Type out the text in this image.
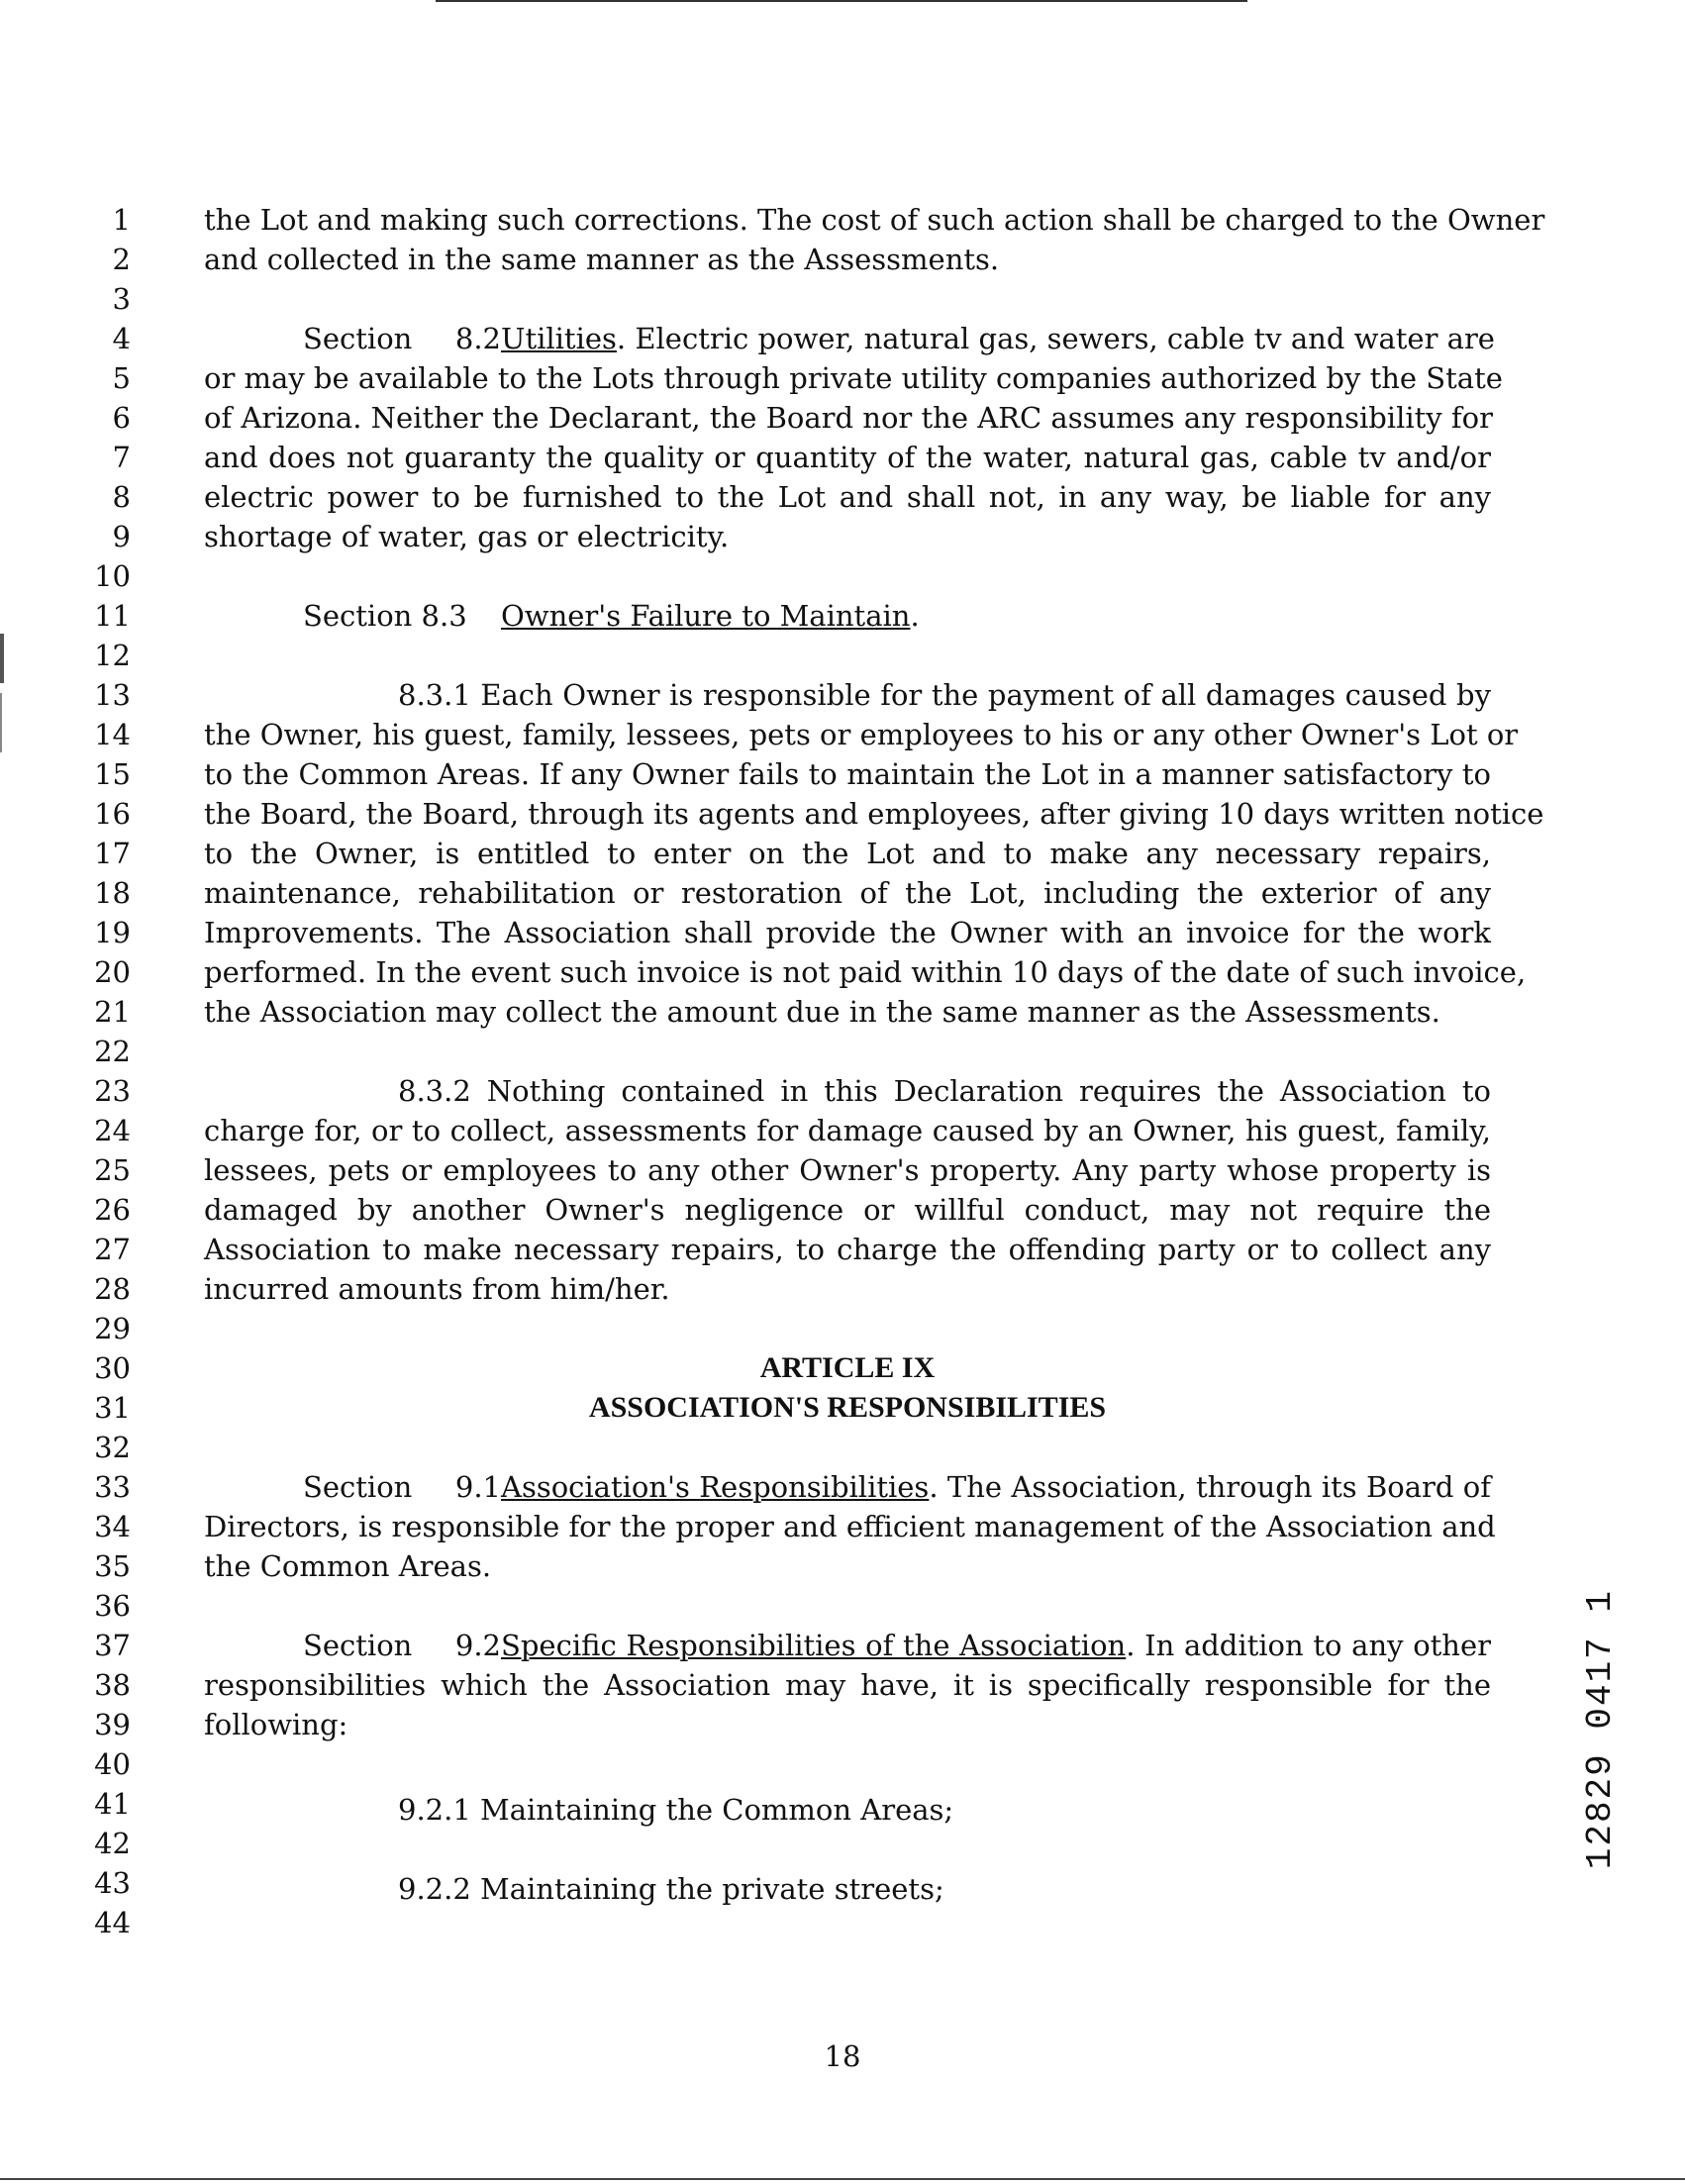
1
2
3
4
5
6
7
8
9
10
11
12
13
14
15
16
17
18
19
20
21
22
23
24
25
26
27
28
29
30
31
32
33
34
35
36
37
38
39
40
41
42
43
44
the Lot and making such corrections. The cost of such action shall be charged to the Owner
and collected in the same manner as the Assessments.
Section 8.2Utilities. Electric power, natural gas, sewers, cable tv and water are
or may be available to the Lots through private utility companies authorized by the State
of Arizona. Neither the Declarant, the Board nor the ARC assumes any responsibility for
and does not guaranty the quality or quantity of the water, natural gas, cable tv and/or
electric power to be furnished to the Lot and shall not, in any way, be liable for any
shortage of water, gas or electricity.
Section 8.3 Owner's Failure to Maintain.
8.3.1 Each Owner is responsible for the payment of all damages caused by
the Owner, his guest, family, lessees, pets or employees to his or any other Owner's Lot or
to the Common Areas. If any Owner fails to maintain the Lot in a manner satisfactory to
the Board, the Board, through its agents and employees, after giving 10 days written notice
to the Owner, is entitled to enter on the Lot and to make any necessary repairs,
maintenance, rehabilitation or restoration of the Lot, including the exterior of any
Improvements. The Association shall provide the Owner with an invoice for the work
performed. In the event such invoice is not paid within 10 days of the date of such invoice,
the Association may collect the amount due in the same manner as the Assessments.
8.3.2 Nothing contained in this Declaration requires the Association to
charge for, or to collect, assessments for damage caused by an Owner, his guest, family,
lessees, pets or employees to any other Owner's property. Any party whose property is
damaged by another Owner's negligence or willful conduct, may not require the
Association to make necessary repairs, to charge the offending party or to collect any
incurred amounts from him/her.
ARTICLE IX
ASSOCIATION'S RESPONSIBILITIES
Section 9.1Association's Responsibilities. The Association, through its Board of
Directors, is responsible for the proper and efficient management of the Association and
the Common Areas.
Section 9.2Specific Responsibilities of the Association. In addition to any other
responsibilities which the Association may have, it is specifically responsible for the
following:
9.2.1 Maintaining the Common Areas;
9.2.2 Maintaining the private streets;
12829 0417 1
18
